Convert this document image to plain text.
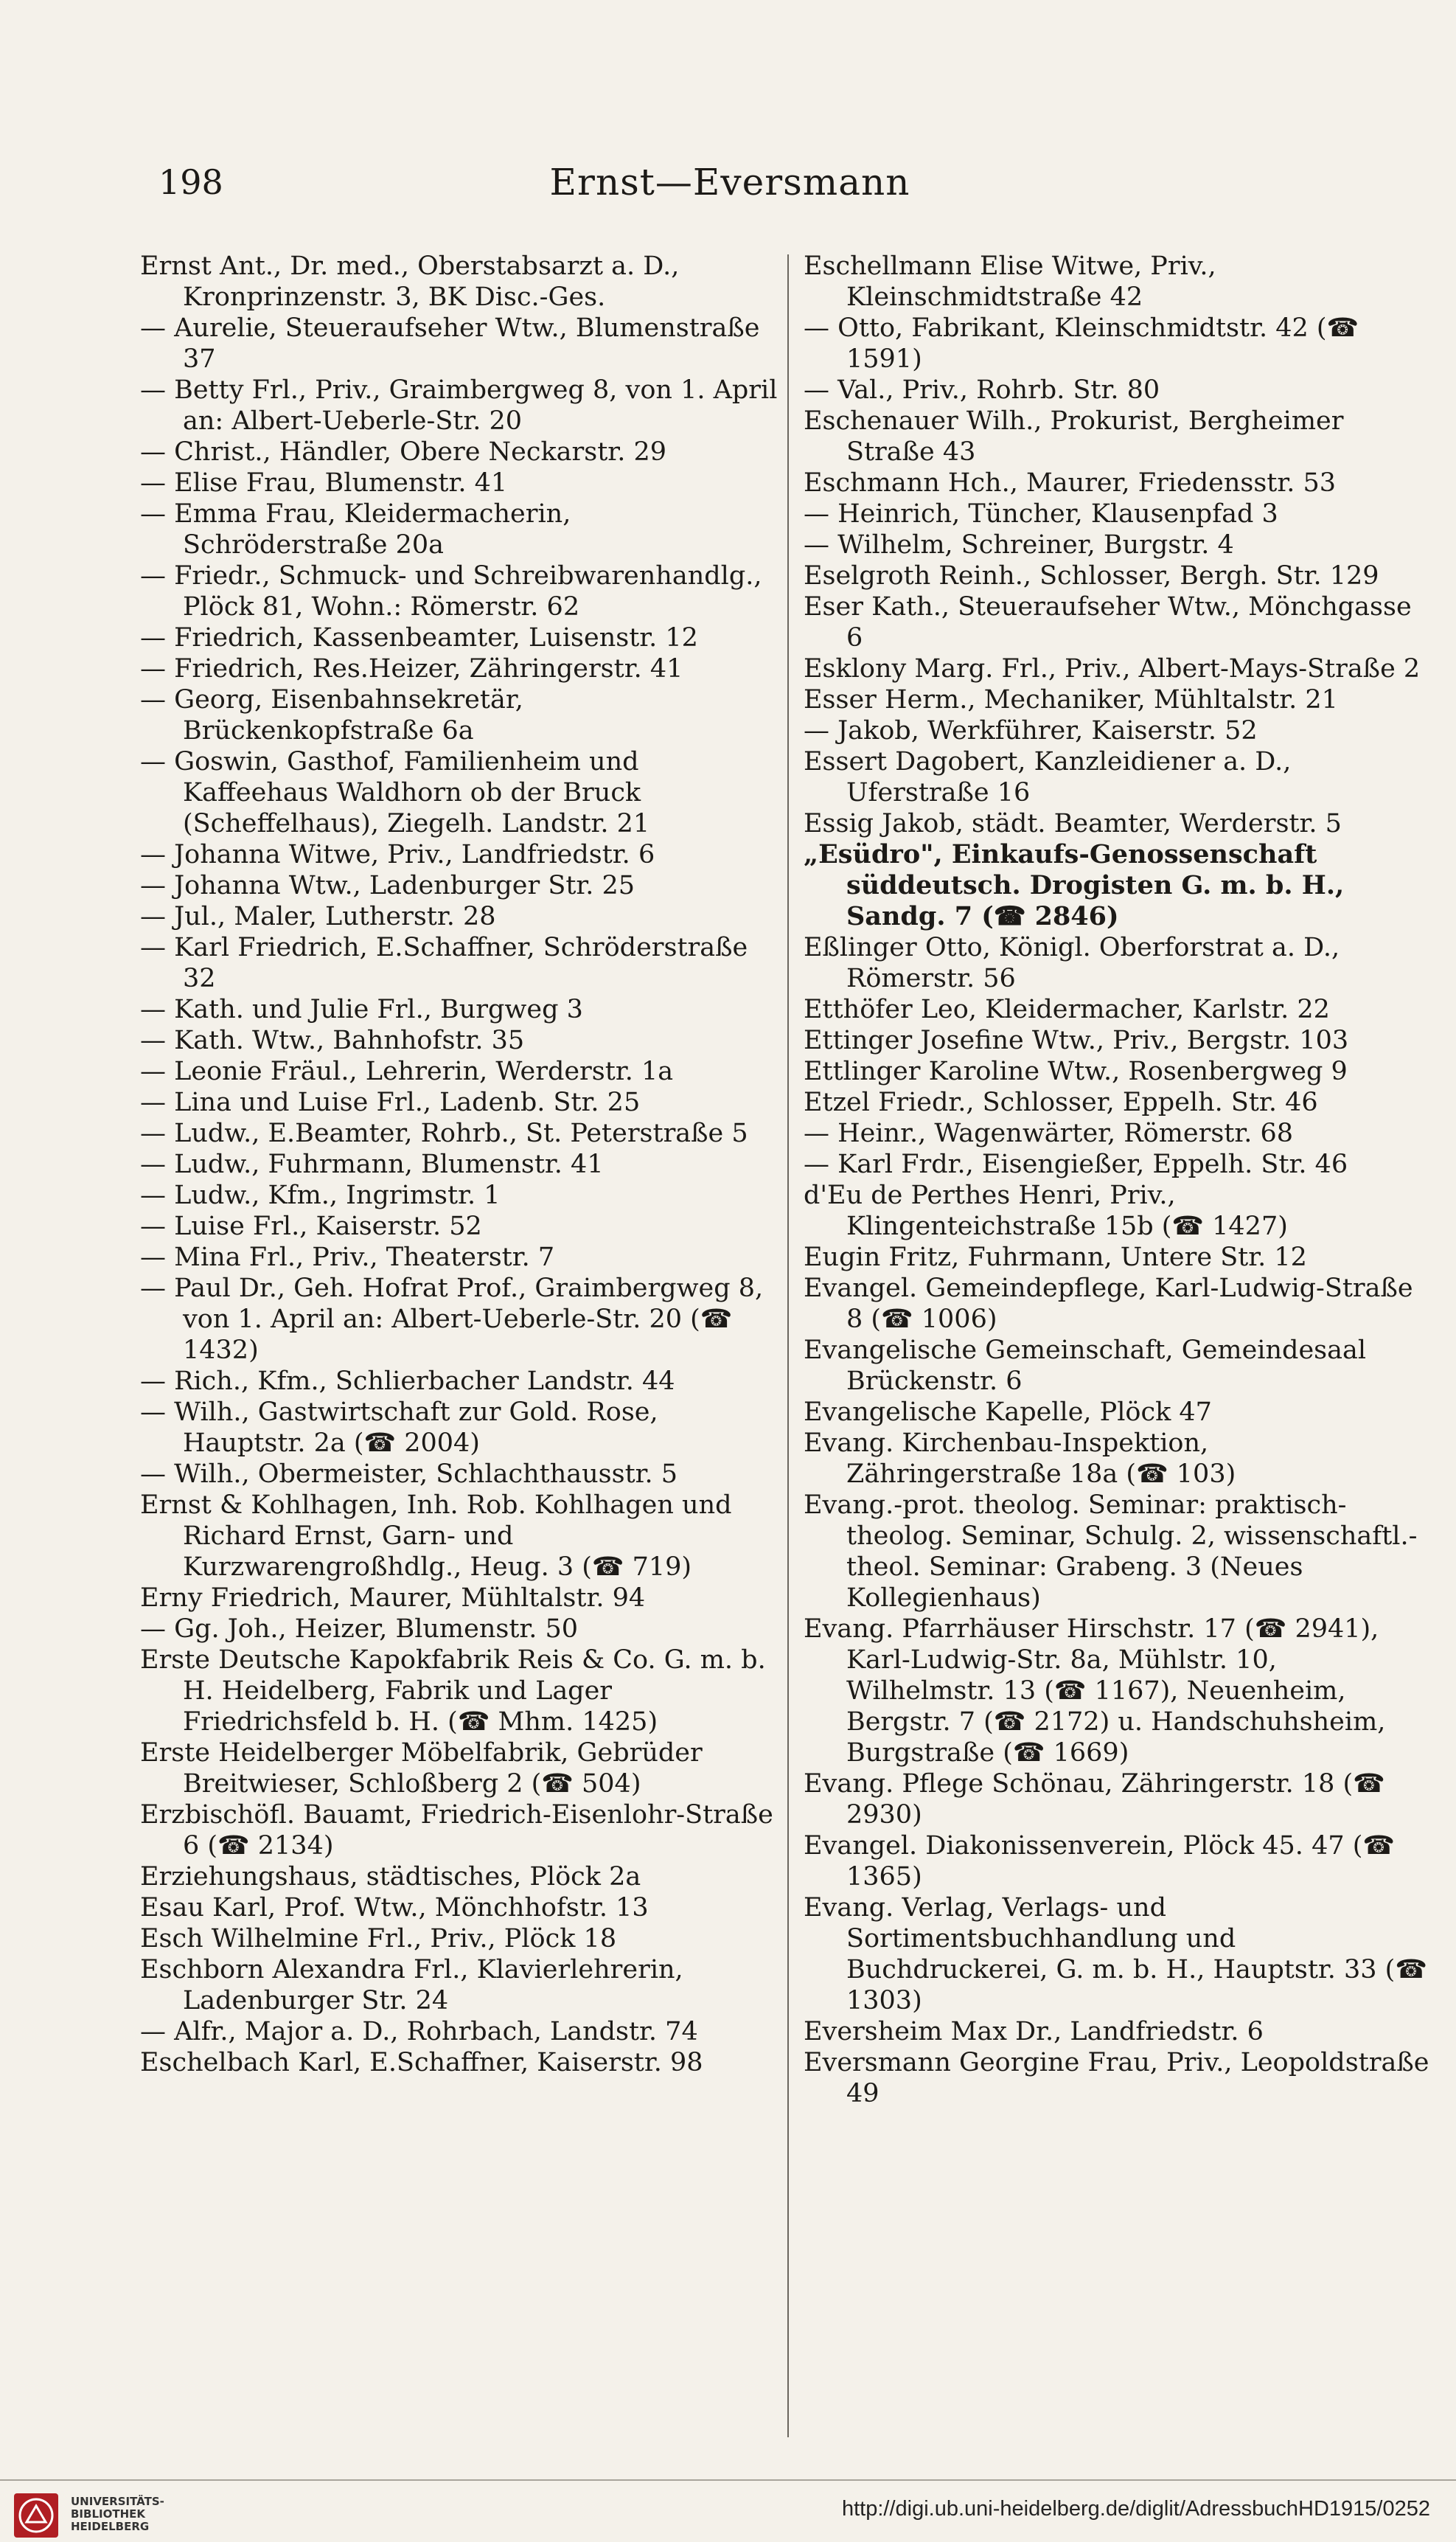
198	Ernst—Eversmann
Ernst Ant., Dr. med., Oberstabsarzt a. D., Kronprinzenstr. 3, BK Disc.-Ges.
— Aurelie, Steueraufseher Wtw., Blumenstraße 37
— Betty Frl., Priv., Graimbergweg 8, von 1. April an: Albert-Ueberle-Str. 20
— Christ., Händler, Obere Neckarstr. 29
— Elise Frau, Blumenstr. 41
— Emma Frau, Kleidermacherin, Schröderstraße 20a
— Friedr., Schmuck- und Schreibwarenhandlg., Plöck 81, Wohn.: Römerstr. 62
— Friedrich, Kassenbeamter, Luisenstr. 12
— Friedrich, Res.Heizer, Zähringerstr. 41
— Georg, Eisenbahnsekretär, Brückenkopfstraße 6a
— Goswin, Gasthof, Familienheim und Kaffeehaus Waldhorn ob der Bruck (Scheffelhaus), Ziegelh. Landstr. 21
— Johanna Witwe, Priv., Landfriedstr. 6
— Johanna Wtw., Ladenburger Str. 25
— Jul., Maler, Lutherstr. 28
— Karl Friedrich, E.Schaffner, Schröderstraße 32
— Kath. und Julie Frl., Burgweg 3
— Kath. Wtw., Bahnhofstr. 35
— Leonie Fräul., Lehrerin, Werderstr. 1a
— Lina und Luise Frl., Ladenb. Str. 25
— Ludw., E.Beamter, Rohrb., St. Peterstraße 5
— Ludw., Fuhrmann, Blumenstr. 41
— Ludw., Kfm., Ingrimstr. 1
— Luise Frl., Kaiserstr. 52
— Mina Frl., Priv., Theaterstr. 7
— Paul Dr., Geh. Hofrat Prof., Graimbergweg 8, von 1. April an: Albert-Ueberle-Str. 20 (☎ 1432)
— Rich., Kfm., Schlierbacher Landstr. 44
— Wilh., Gastwirtschaft zur Gold. Rose, Hauptstr. 2a (☎ 2004)
— Wilh., Obermeister, Schlachthausstr. 5
Ernst & Kohlhagen, Inh. Rob. Kohlhagen und Richard Ernst, Garn- und Kurzwarengroßhdlg., Heug. 3 (☎ 719)
Erny Friedrich, Maurer, Mühltalstr. 94
— Gg. Joh., Heizer, Blumenstr. 50
Erste Deutsche Kapokfabrik Reis & Co. G. m. b. H. Heidelberg, Fabrik und Lager Friedrichsfeld b. H. (☎ Mhm. 1425)
Erste Heidelberger Möbelfabrik, Gebrüder Breitwieser, Schloßberg 2 (☎ 504)
Erzbischöfl. Bauamt, Friedrich-Eisenlohr-Straße 6 (☎ 2134)
Erziehungshaus, städtisches, Plöck 2a
Esau Karl, Prof. Wtw., Mönchhofstr. 13
Esch Wilhelmine Frl., Priv., Plöck 18
Eschborn Alexandra Frl., Klavierlehrerin, Ladenburger Str. 24
— Alfr., Major a. D., Rohrbach, Landstr. 74
Eschelbach Karl, E.Schaffner, Kaiserstr. 98
Eschellmann Elise Witwe, Priv., Kleinschmidtstraße 42
— Otto, Fabrikant, Kleinschmidtstr. 42 (☎ 1591)
— Val., Priv., Rohrb. Str. 80
Eschenauer Wilh., Prokurist, Bergheimer Straße 43
Eschmann Hch., Maurer, Friedensstr. 53
— Heinrich, Tüncher, Klausenpfad 3
— Wilhelm, Schreiner, Burgstr. 4
Eselgroth Reinh., Schlosser, Bergh. Str. 129
Eser Kath., Steueraufseher Wtw., Mönchgasse 6
Esklony Marg. Frl., Priv., Albert-Mays-Straße 2
Esser Herm., Mechaniker, Mühltalstr. 21
— Jakob, Werkführer, Kaiserstr. 52
Essert Dagobert, Kanzleidiener a. D., Uferstraße 16
Essig Jakob, städt. Beamter, Werderstr. 5
„Esüdro", Einkaufs-Genossenschaft süddeutsch. Drogisten G. m. b. H., Sandg. 7 (☎ 2846)
Eßlinger Otto, Königl. Oberforstrat a. D., Römerstr. 56
Etthöfer Leo, Kleidermacher, Karlstr. 22
Ettinger Josefine Wtw., Priv., Bergstr. 103
Ettlinger Karoline Wtw., Rosenbergweg 9
Etzel Friedr., Schlosser, Eppelh. Str. 46
— Heinr., Wagenwärter, Römerstr. 68
— Karl Frdr., Eisengießer, Eppelh. Str. 46
d'Eu de Perthes Henri, Priv., Klingenteichstraße 15b (☎ 1427)
Eugin Fritz, Fuhrmann, Untere Str. 12
Evangel. Gemeindepflege, Karl-Ludwig-Straße 8 (☎ 1006)
Evangelische Gemeinschaft, Gemeindesaal Brückenstr. 6
Evangelische Kapelle, Plöck 47
Evang. Kirchenbau-Inspektion, Zähringerstraße 18a (☎ 103)
Evang.-prot. theolog. Seminar: praktisch-theolog. Seminar, Schulg. 2, wissenschaftl.-theol. Seminar: Grabeng. 3 (Neues Kollegienhaus)
Evang. Pfarrhäuser Hirschstr. 17 (☎ 2941), Karl-Ludwig-Str. 8a, Mühlstr. 10, Wilhelmstr. 13 (☎ 1167), Neuenheim, Bergstr. 7 (☎ 2172) u. Handschuhsheim, Burgstraße (☎ 1669)
Evang. Pflege Schönau, Zähringerstr. 18 (☎ 2930)
Evangel. Diakonissenverein, Plöck 45. 47 (☎ 1365)
Evang. Verlag, Verlags- und Sortimentsbuchhandlung und Buchdruckerei, G. m. b. H., Hauptstr. 33 (☎ 1303)
Eversheim Max Dr., Landfriedstr. 6
Eversmann Georgine Frau, Priv., Leopoldstraße 49
UNIVERSITÄTS-
BIBLIOTHEK
HEIDELBERG
http://digi.ub.uni-heidelberg.de/diglit/AdressbuchHD1915/0252
